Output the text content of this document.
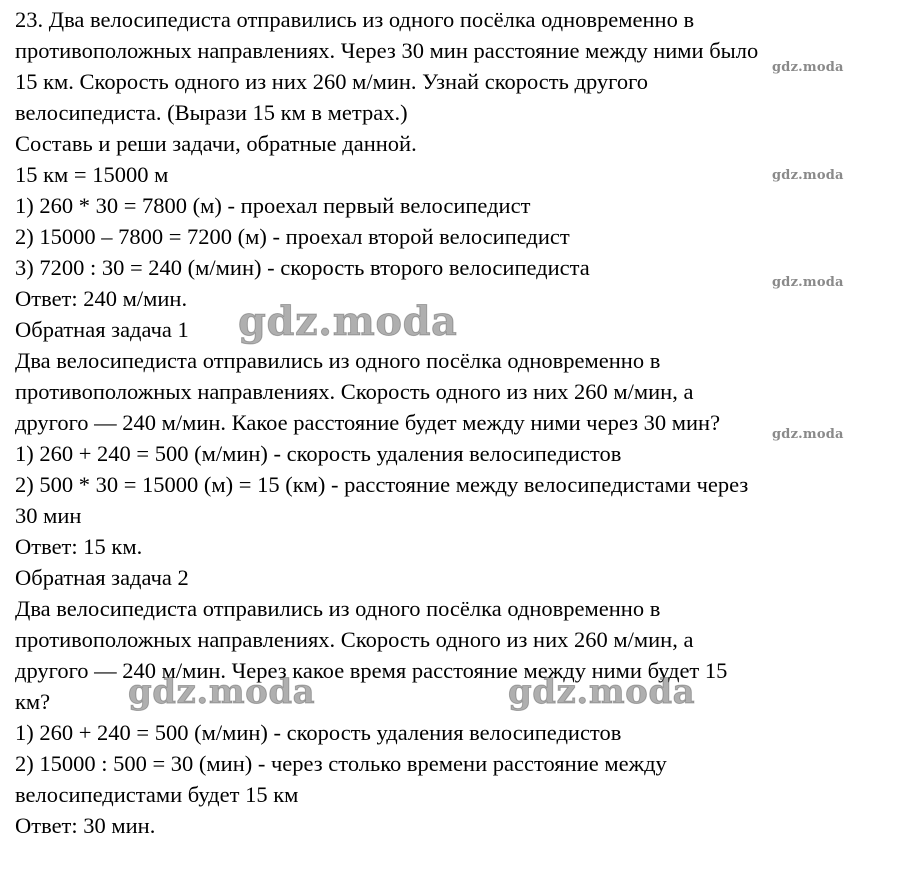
23. Два велосипедиста отправились из одного посёлка одновременно в
противоположных направлениях. Через 30 мин расстояние между ними было
15 км. Скорость одного из них 260 м/мин. Узнай скорость другого
велосипедиста. (Вырази 15 км в метрах.)
Составь и реши задачи, обратные данной.
15 км = 15000 м
1) 260 * 30 = 7800 (м) - проехал первый велосипедист
2) 15000 – 7800 = 7200 (м) - проехал второй велосипедист
3) 7200 : 30 = 240 (м/мин) - скорость второго велосипедиста
Ответ: 240 м/мин.
Обратная задача 1
Два велосипедиста отправились из одного посёлка одновременно в
противоположных направлениях. Скорость одного из них 260 м/мин, а
другого — 240 м/мин. Какое расстояние будет между ними через 30 мин?
1) 260 + 240 = 500 (м/мин) - скорость удаления велосипедистов
2) 500 * 30 = 15000 (м) = 15 (км) - расстояние между велосипедистами через
30 мин
Ответ: 15 км.
Обратная задача 2
Два велосипедиста отправились из одного посёлка одновременно в
противоположных направлениях. Скорость одного из них 260 м/мин, а
другого — 240 м/мин. Через какое время расстояние между ними будет 15
км?
1) 260 + 240 = 500 (м/мин) - скорость удаления велосипедистов
2) 15000 : 500 = 30 (мин) - через столько времени расстояние между
велосипедистами будет 15 км
Ответ: 30 мин.
gdz.moda
gdz.moda
gdz.moda
gdz.moda
gdz.moda
gdz.moda	gdz.moda
